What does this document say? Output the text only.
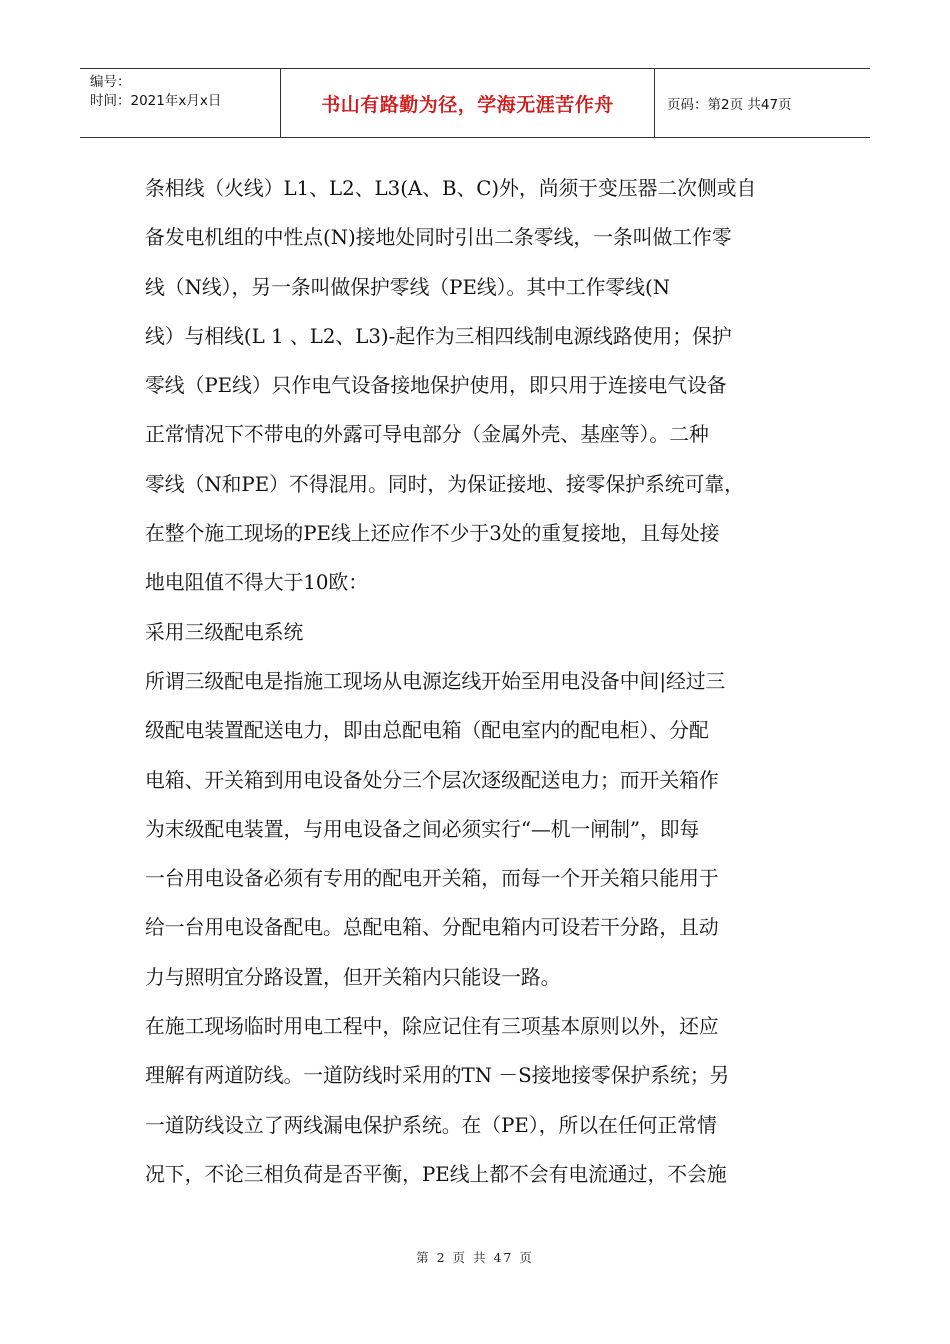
编号：
时间：2021年x月x日	书山有路勤为径，学海无涯苦作舟	页码：第2页 共47页
条相线（火线）L1、L2、L3(A、B、C)外，尚须于变压器二次侧或自
备发电机组的中性点(N)接地处同时引出二条零线，一条叫做工作零
线（N线），另一条叫做保护零线（PE线）。其中工作零线(N
线）与相线(L 1 、L2、L3)-起作为三相四线制电源线路使用；保护
零线（PE线）只作电气设备接地保护使用，即只用于连接电气设备
正常情况下不带电的外露可导电部分（金属外壳、基座等）。二种
零线（N和PE）不得混用。同时，为保证接地、接零保护系统可靠，
在整个施工现场的PE线上还应作不少于3处的重复接地，且每处接
地电阻值不得大于10欧：
采用三级配电系统
所谓三级配电是指施工现场从电源迄线开始至用电没备中间|经过三
级配电装置配送电力，即由总配电箱（配电室内的配电柜）、分配
电箱、开关箱到用电设备处分三个层次逐级配送电力；而开关箱作
为末级配电装置，与用电设备之间必须实行“—机一闸制”，即每
一台用电设备必须有专用的配电开关箱，而每一个开关箱只能用于
给一台用电设备配电。总配电箱、分配电箱内可设若干分路，且动
力与照明宜分路设置，但开关箱内只能设一路。
在施工现场临时用电工程中，除应记住有三项基本原则以外，还应
理解有两道防线。一道防线时采用的TN －S接地接零保护系统；另
一道防线设立了两线漏电保护系统。在（PE），所以在任何正常情
况下，不论三相负荷是否平衡，PE线上都不会有电流通过，不会施
第 2 页 共 47 页
